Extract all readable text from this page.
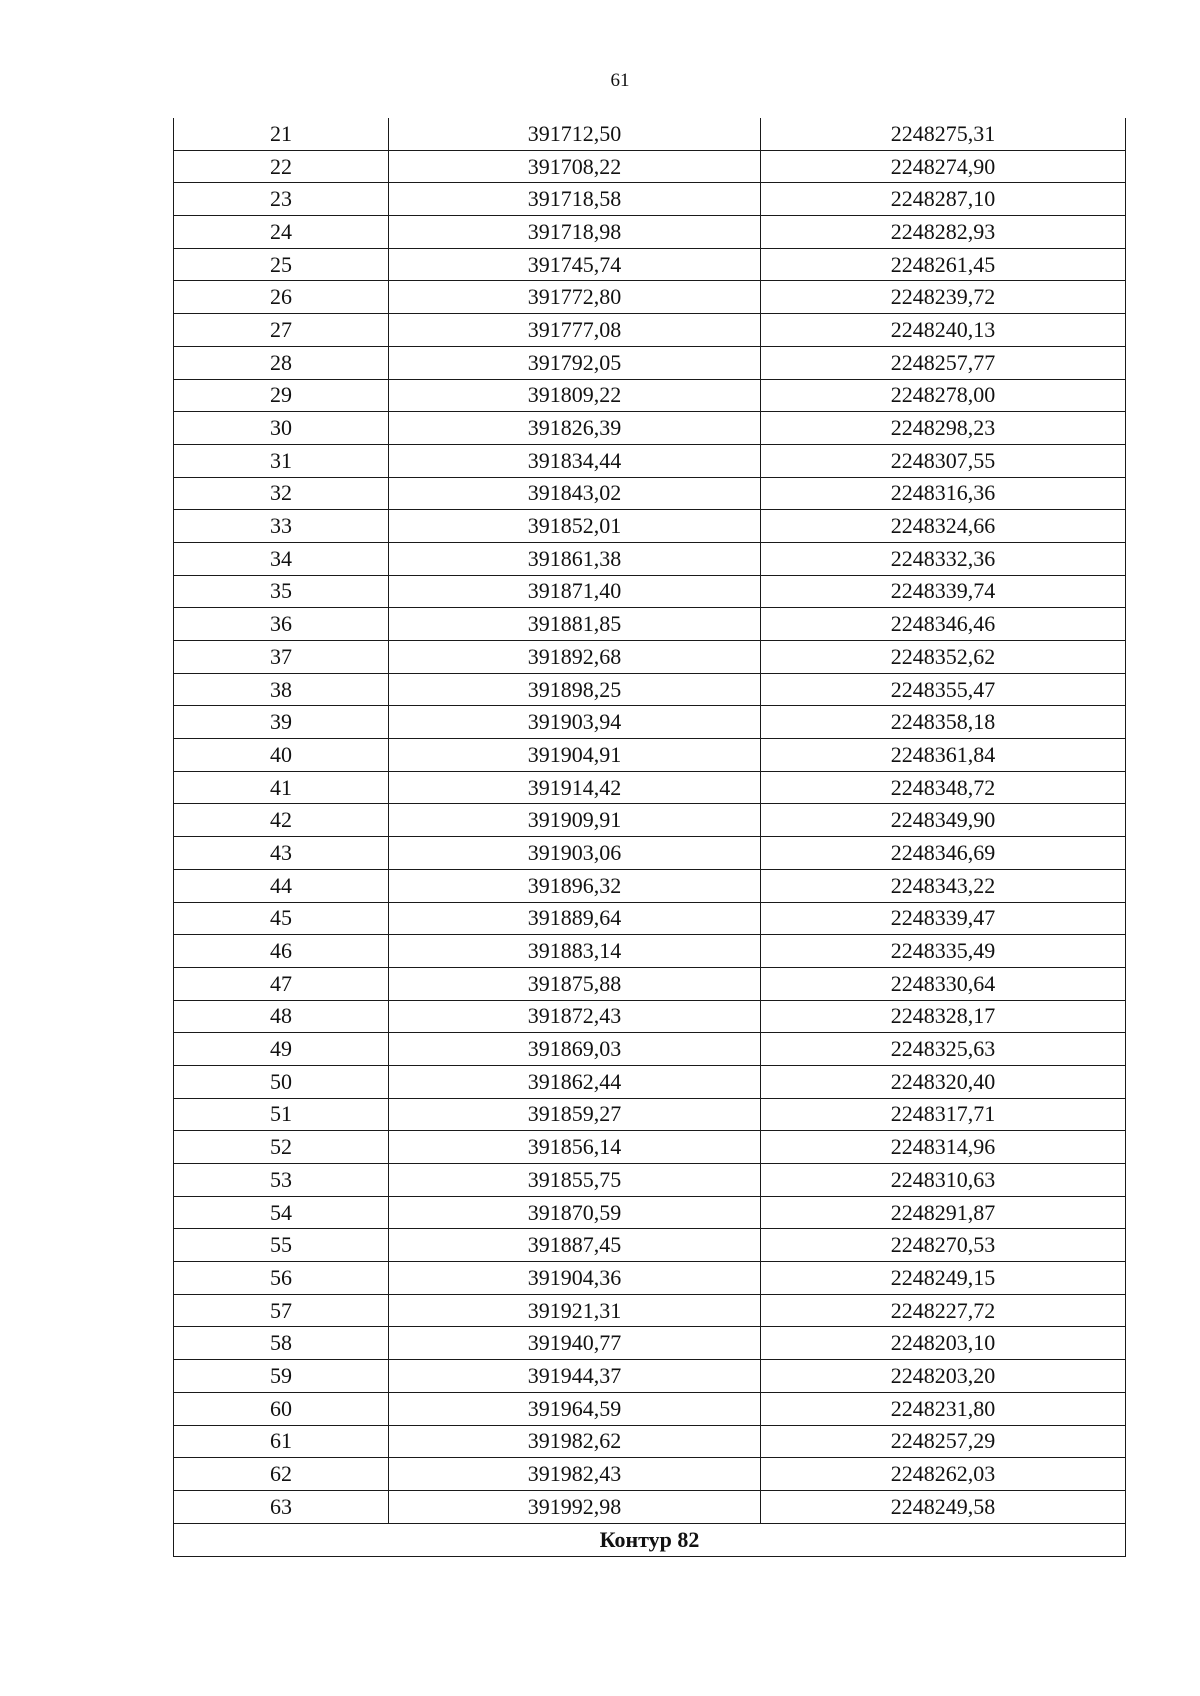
61
21	391712,50	2248275,31
22	391708,22	2248274,90
23	391718,58	2248287,10
24	391718,98	2248282,93
25	391745,74	2248261,45
26	391772,80	2248239,72
27	391777,08	2248240,13
28	391792,05	2248257,77
29	391809,22	2248278,00
30	391826,39	2248298,23
31	391834,44	2248307,55
32	391843,02	2248316,36
33	391852,01	2248324,66
34	391861,38	2248332,36
35	391871,40	2248339,74
36	391881,85	2248346,46
37	391892,68	2248352,62
38	391898,25	2248355,47
39	391903,94	2248358,18
40	391904,91	2248361,84
41	391914,42	2248348,72
42	391909,91	2248349,90
43	391903,06	2248346,69
44	391896,32	2248343,22
45	391889,64	2248339,47
46	391883,14	2248335,49
47	391875,88	2248330,64
48	391872,43	2248328,17
49	391869,03	2248325,63
50	391862,44	2248320,40
51	391859,27	2248317,71
52	391856,14	2248314,96
53	391855,75	2248310,63
54	391870,59	2248291,87
55	391887,45	2248270,53
56	391904,36	2248249,15
57	391921,31	2248227,72
58	391940,77	2248203,10
59	391944,37	2248203,20
60	391964,59	2248231,80
61	391982,62	2248257,29
62	391982,43	2248262,03
63	391992,98	2248249,58
Контур 82		
